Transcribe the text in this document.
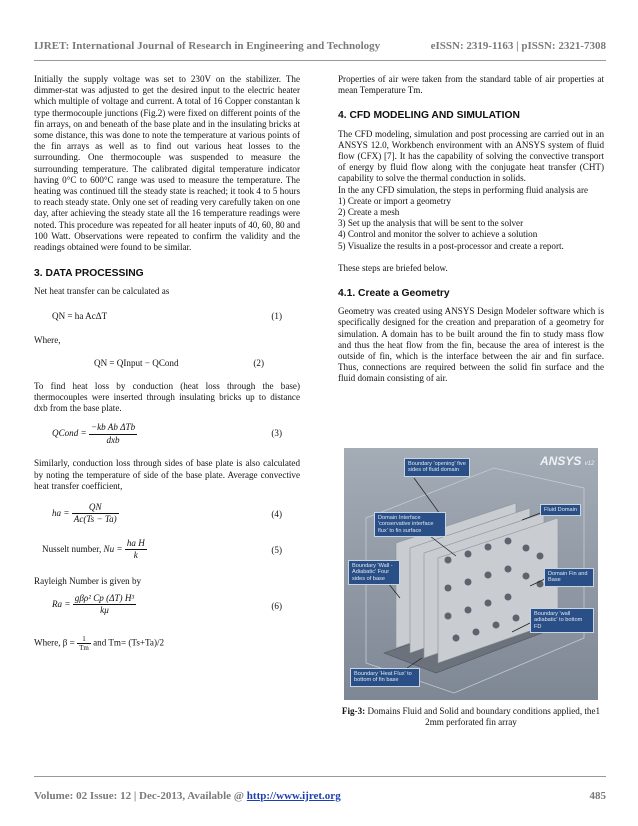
IJRET: International Journal of Research in Engineering and Technology	eISSN: 2319-1163 | pISSN: 2321-7308

Initially the supply voltage was set to 230V on the stabilizer. The dimmer-stat was adjusted to get the desired input to the electric heater which multiple of voltage and current. A total of 16 Copper constantan k type thermocouple junctions (Fig.2) were fixed on different points of the fin arrays, on and beneath of the base plate and in the insulating bricks at some distance, this was done to note the temperature at various points of the fin arrays as well as to find out various heat losses to the surrounding. One thermocouple was suspended to measure the surrounding temperature. The calibrated digital temperature indicator having 0°C to 600°C range was used to measure the temperature. The heating was continued till the steady state is reached; it took 4 to 5 hours to reach steady state. Only one set of reading very carefully taken on one day, after achieving the steady state all the 16 temperature readings were noted. This procedure was repeated for all heater inputs of 40, 60, 80 and 100 Watt. Observations were repeated to confirm the validity and the readings obtained were found to be similar.

3. DATA PROCESSING

Net heat transfer can be calculated as

QN = ha AcΔT	(1)

Where,

QN = QInput − QCond	(2)

To find heat loss by conduction (heat loss through the base) thermocouples were inserted through insulating bricks up to distance dxb from the base plate.

QCond = $\frac{\text{−kb Ab ΔTb}}{\text{dxb}}$	(3)

Similarly, conduction loss through sides of base plate is also calculated by noting the temperature of side of the base plate. Average convective heat transfer coefficient,

ha = $\frac{QN}{Ac(Ts - Ta)}$	(4)
Nusselt number, $Nu = \frac{\text{ha H}}{k}$	(5)

Rayleigh Number is given by

$Ra = \frac{\text{gβρ² Cp (ΔT) H³}}{k\mu}$	(6)
Where, $\beta = \frac{1}{Tm}$ and Tm= (Ts+Ta)/2

Properties of air were taken from the standard table of air properties at mean Temperature Tm.

4. CFD MODELING AND SIMULATION

The CFD modeling, simulation and post processing are carried out in an ANSYS 12.0, Workbench environment with an ANSYS system of fluid flow (CFX) [7]. It has the capability of solving the convective transport of energy by fluid flow along with the conjugate heat transfer (CHT) capability to solve the thermal conduction in solids.

In the any CFD simulation, the steps in performing fluid analysis are

1) Create or import a geometry

2) Create a mesh

3) Set up the analysis that will be sent to the solver

4) Control and monitor the solver to achieve a solution

5) Visualize the results in a post-processor and create a report.

These steps are briefed below.

4.1. Create a Geometry

Geometry was created using ANSYS Design Modeler software which is specifically designed for the creation and preparation of a geometry for simulation. A domain has to be built around the fin to study mass flow and thus the heat flow from the fin, because the area of interest is the outside of fin, which is the interface between the air and fin surface. Thus, connections are required between the solid fin surface and the fluid domain consisting of air.

ANSYS v12
Boundary 'opening' five sides of fluid domain
Fluid Domain
Domain Interface 'conservative interface flux' to fin surface
Domain Fin and Base
Boundary 'Wall - Adiabatic' Four sides of base
Boundary 'wall adiabatic' to bottom FD
Boundary 'Heat Flux' to bottom of fin base
Fig-3: Domains Fluid and Solid and boundary conditions applied, the1 2mm perforated fin array
Volume: 02 Issue: 12 | Dec-2013, Available @ http://www.ijret.org	485
